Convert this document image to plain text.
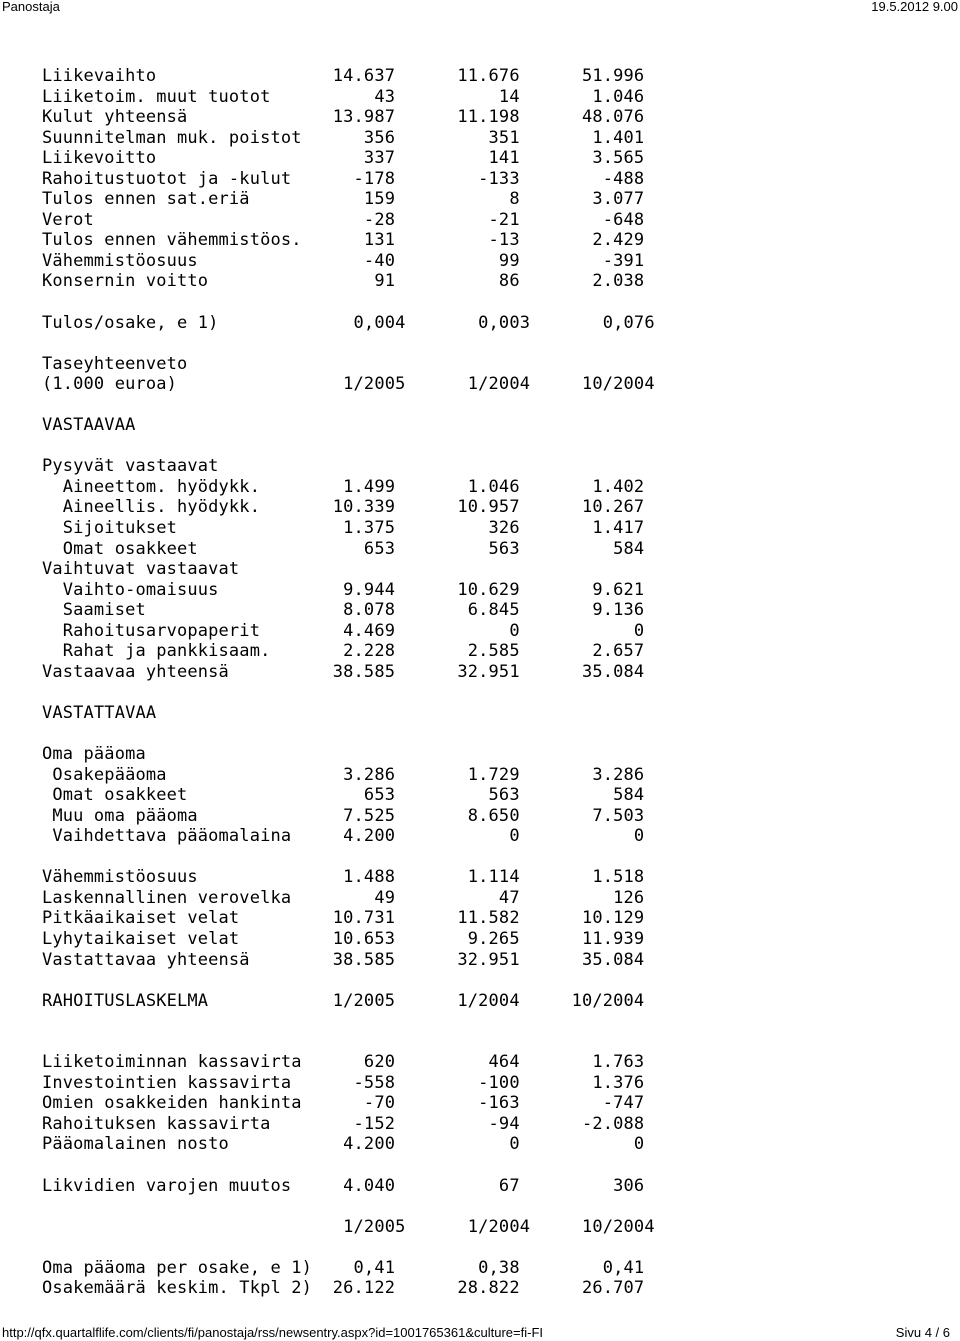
Panostaja	19.5.2012 9.00
Liikevaihto                 14.637      11.676      51.996
Liiketoim. muut tuotot          43          14       1.046
Kulut yhteensä              13.987      11.198      48.076
Suunnitelman muk. poistot      356         351       1.401
Liikevoitto                    337         141       3.565
Rahoitustuotot ja -kulut      -178        -133        -488
Tulos ennen sat.eriä           159           8       3.077
Verot                          -28         -21        -648
Tulos ennen vähemmistöos.      131         -13       2.429
Vähemmistöosuus                -40          99        -391
Konsernin voitto                91          86       2.038

Tulos/osake, e 1)             0,004       0,003       0,076

Taseyhteenveto
(1.000 euroa)                1/2005      1/2004     10/2004

VASTAAVAA

Pysyvät vastaavat
Aineettom. hyödykk.        1.499       1.046       1.402
Aineellis. hyödykk.       10.339      10.957      10.267
Sijoitukset                1.375         326       1.417
Omat osakkeet                653         563         584
Vaihtuvat vastaavat
Vaihto-omaisuus            9.944      10.629       9.621
Saamiset                   8.078       6.845       9.136
Rahoitusarvopaperit        4.469           0           0
Rahat ja pankkisaam.       2.228       2.585       2.657
Vastaavaa yhteensä          38.585      32.951      35.084

VASTATTAVAA

Oma pääoma
Osakepääoma                 3.286       1.729       3.286
Omat osakkeet                 653         563         584
Muu oma pääoma              7.525       8.650       7.503
Vaihdettava pääomalaina     4.200           0           0

Vähemmistöosuus              1.488       1.114       1.518
Laskennallinen verovelka        49          47         126
Pitkäaikaiset velat         10.731      11.582      10.129
Lyhytaikaiset velat         10.653       9.265      11.939
Vastattavaa yhteensä        38.585      32.951      35.084

RAHOITUSLASKELMA            1/2005      1/2004     10/2004

Liiketoiminnan kassavirta      620         464       1.763
Investointien kassavirta      -558        -100       1.376
Omien osakkeiden hankinta      -70        -163        -747
Rahoituksen kassavirta        -152         -94      -2.088
Pääomalainen nosto           4.200           0           0

Likvidien varojen muutos     4.040          67         306

1/2005      1/2004     10/2004

Oma pääoma per osake, e 1)    0,41        0,38        0,41
Osakemäärä keskim. Tkpl 2)  26.122      28.822      26.707
http://qfx.quartalflife.com/clients/fi/panostaja/rss/newsentry.aspx?id=1001765361&culture=fi-FI	Sivu 4 / 6
